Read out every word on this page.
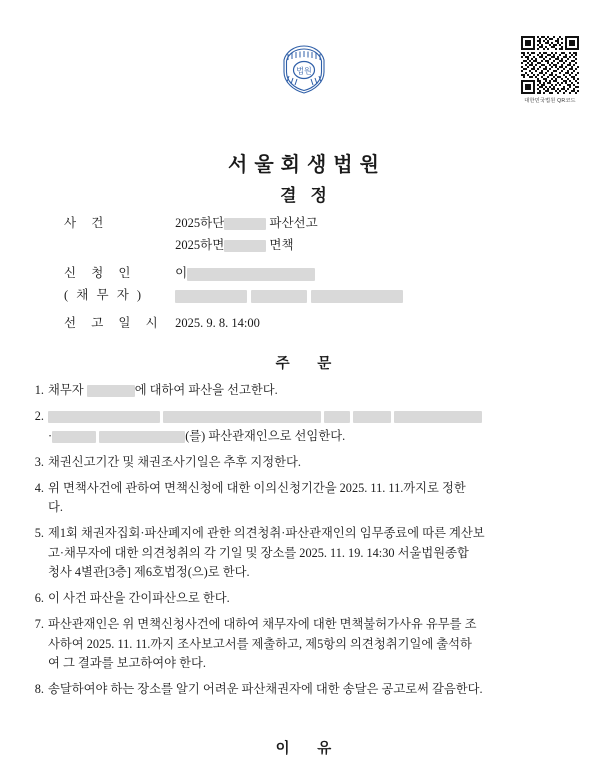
법원
대한민국법원 QR코드
서울회생법원
결정
사 건	2025하단	파산선고
2025하면	면책
신 청 인	이
( 채 무 자 )
선 고 일 시 2025. 9. 8. 14:00
주 문
1. 채무자	에 대하여 파산을 선고한다.
2.

·	(를) 파산관재인으로 선임한다.
3. 채권신고기간 및 채권조사기일은 추후 지정한다.
4. 위 면책사건에 관하여 면책신청에 대한 이의신청기간을 2025. 11. 11.까지로 정한
다.
5. 제1회 채권자집회·파산폐지에 관한 의견청취·파산관재인의 임무종료에 따른 계산보
고·채무자에 대한 의견청취의 각 기일 및 장소를 2025. 11. 19. 14:30 서울법원종합
청사 4별관[3층] 제6호법정(으)로 한다.
6. 이 사건 파산을 간이파산으로 한다.
7. 파산관재인은 위 면책신청사건에 대하여 채무자에 대한 면책불허가사유 유무를 조
사하여 2025. 11. 11.까지 조사보고서를 제출하고, 제5항의 의견청취기일에 출석하
여 그 결과를 보고하여야 한다.
8. 송달하여야 하는 장소를 알기 어려운 파산채권자에 대한 송달은 공고로써 갈음한다.
이 유
